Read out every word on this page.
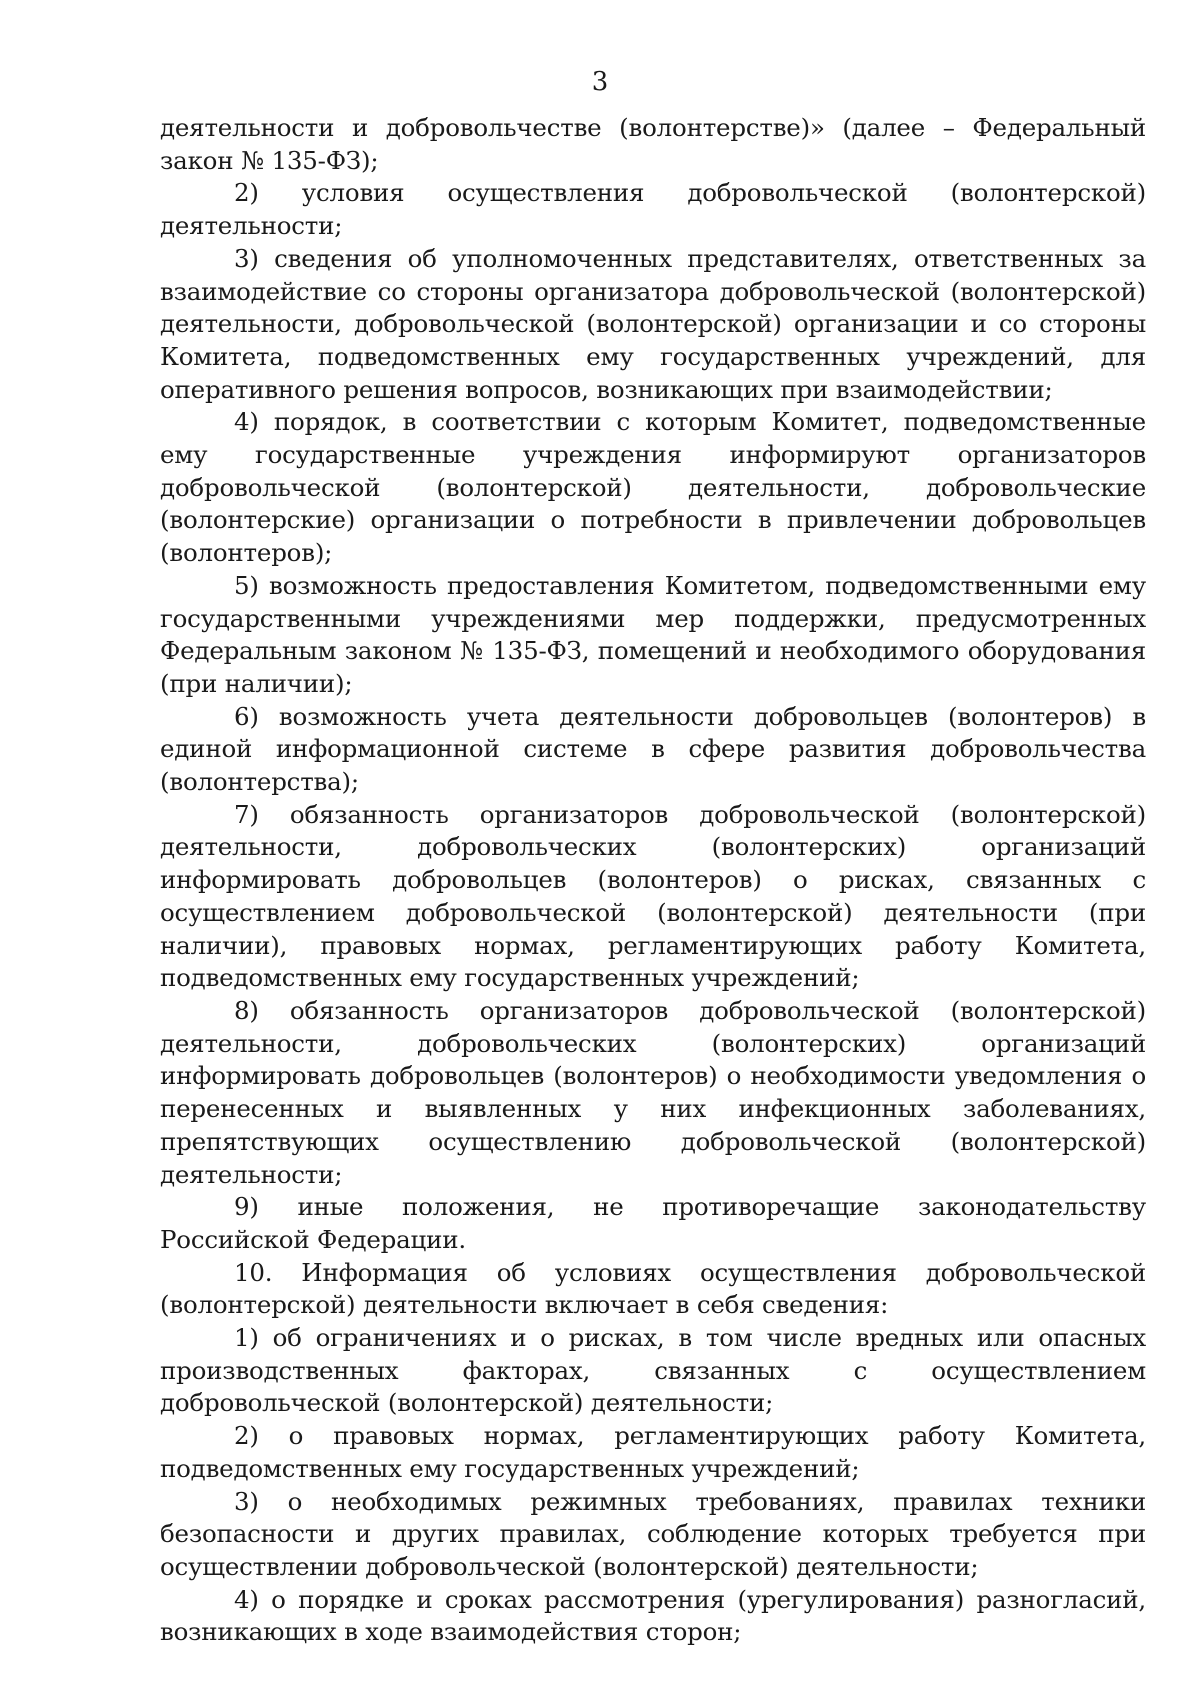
3

деятельности и добровольчестве (волонтерстве)» (далее – Федеральный закон № 135-ФЗ);

2) условия осуществления добровольческой (волонтерской) деятельности;

3) сведения об уполномоченных представителях, ответственных за взаимодействие со стороны организатора добровольческой (волонтерской) деятельности, добровольческой (волонтерской) организации и со стороны Комитета, подведомственных ему государственных учреждений, для оперативного решения вопросов, возникающих при взаимодействии;

4) порядок, в соответствии с которым Комитет, подведомственные ему государственные учреждения информируют организаторов добровольческой (волонтерской) деятельности, добровольческие (волонтерские) организации о потребности в привлечении добровольцев (волонтеров);

5) возможность предоставления Комитетом, подведомственными ему государственными учреждениями мер поддержки, предусмотренных Федеральным законом № 135-ФЗ, помещений и необходимого оборудования (при наличии);

6) возможность учета деятельности добровольцев (волонтеров) в единой информационной системе в сфере развития добровольчества (волонтерства);

7) обязанность организаторов добровольческой (волонтерской) деятельности, добровольческих (волонтерских) организаций информировать добровольцев (волонтеров) о рисках, связанных с осуществлением добровольческой (волонтерской) деятельности (при наличии), правовых нормах, регламентирующих работу Комитета, подведомственных ему государственных учреждений;

8) обязанность организаторов добровольческой (волонтерской) деятельности, добровольческих (волонтерских) организаций информировать добровольцев (волонтеров) о необходимости уведомления о перенесенных и выявленных у них инфекционных заболеваниях, препятствующих осуществлению добровольческой (волонтерской) деятельности;

9) иные положения, не противоречащие законодательству Российской Федерации.

10. Информация об условиях осуществления добровольческой (волонтерской) деятельности включает в себя сведения:

1) об ограничениях и о рисках, в том числе вредных или опасных производственных факторах, связанных с осуществлением добровольческой (волонтерской) деятельности;

2) о правовых нормах, регламентирующих работу Комитета, подведомственных ему государственных учреждений;

3) о необходимых режимных требованиях, правилах техники безопасности и других правилах, соблюдение которых требуется при осуществлении добровольческой (волонтерской) деятельности;

4) о порядке и сроках рассмотрения (урегулирования) разногласий, возникающих в ходе взаимодействия сторон;
